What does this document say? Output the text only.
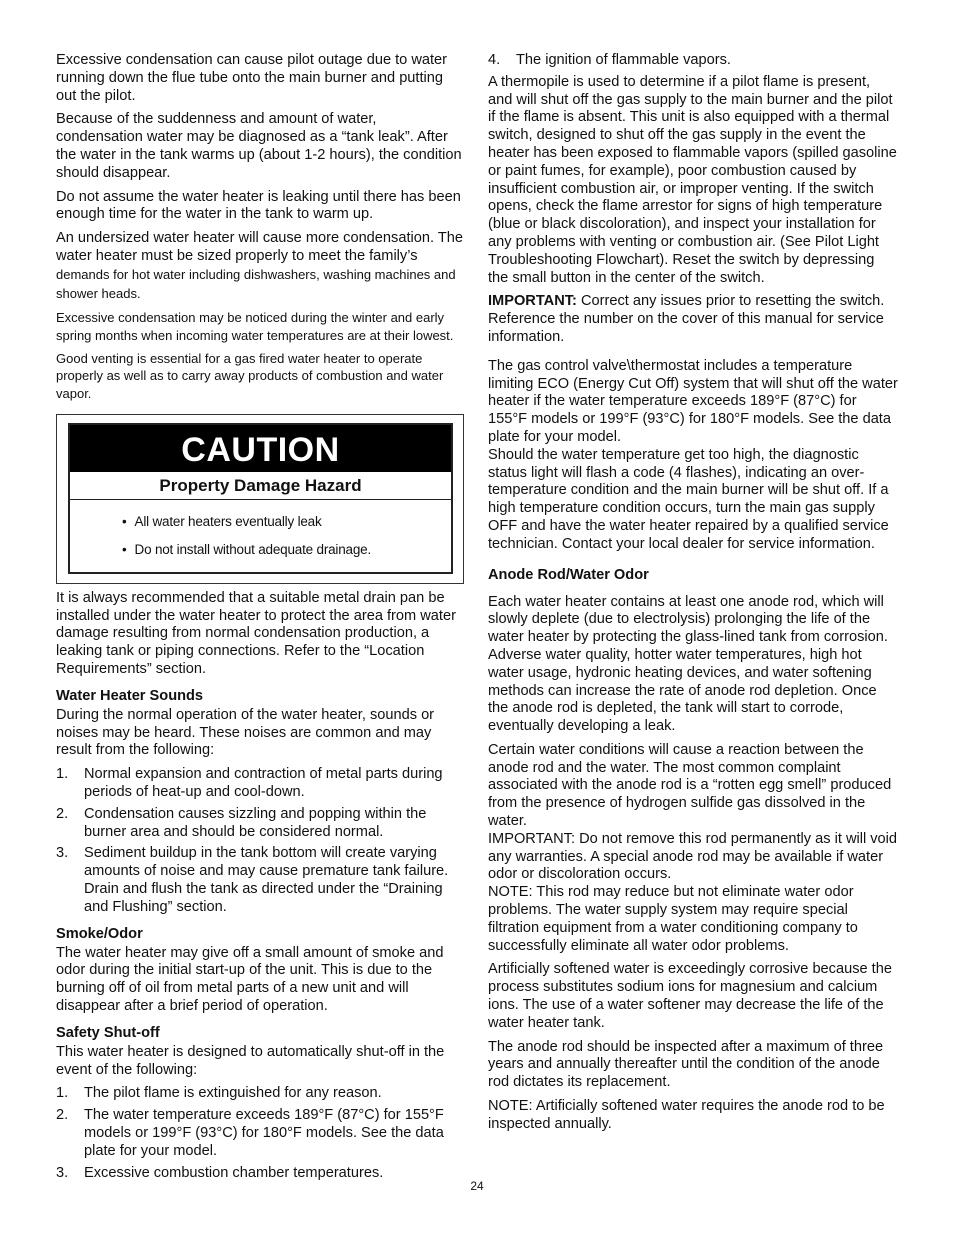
Excessive condensation can cause pilot outage due to water running down the flue tube onto the main burner and putting out the pilot.

Because of the suddenness and amount of water, condensation water may be diagnosed as a “tank leak”. After the water in the tank warms up (about 1-2 hours), the condition should disappear.

Do not assume the water heater is leaking until there has been enough time for the water in the tank to warm up.

An undersized water heater will cause more condensation. The water heater must be sized properly to meet the family’s demands for hot water including dishwashers, washing machines and shower heads.

Excessive condensation may be noticed during the winter and early spring months when incoming water temperatures are at their lowest.

Good venting is essential for a gas fired water heater to operate properly as well as to carry away products of combustion and water vapor.

CAUTION
Property Damage Hazard
• All water heaters eventually leak
• Do not install without adequate drainage.

It is always recommended that a suitable metal drain pan be installed under the water heater to protect the area from water damage resulting from normal condensation production, a leaking tank or piping connections. Refer to the “Location Requirements” section.

Water Heater Sounds

During the normal operation of the water heater, sounds or noises may be heard. These noises are common and may result from the following:

1. Normal expansion and contraction of metal parts during periods of heat-up and cool-down.
2. Condensation causes sizzling and popping within the burner area and should be considered normal.
3. Sediment buildup in the tank bottom will create varying amounts of noise and may cause premature tank failure. Drain and flush the tank as directed under the “Draining and Flushing” section.
Smoke/Odor

The water heater may give off a small amount of smoke and odor during the initial start-up of the unit. This is due to the burning off of oil from metal parts of a new unit and will disappear after a brief period of operation.

Safety Shut-off

This water heater is designed to automatically shut-off in the event of the following:

1. The pilot flame is extinguished for any reason.
2. The water temperature exceeds 189°F (87°C) for 155°F models or 199°F (93°C) for 180°F models. See the data plate for your model.
3. Excessive combustion chamber temperatures.
4. The ignition of flammable vapors.

A thermopile is used to determine if a pilot flame is present, and will shut off the gas supply to the main burner and the pilot if the flame is absent. This unit is also equipped with a thermal switch, designed to shut off the gas supply in the event the heater has been exposed to flammable vapors (spilled gasoline or paint fumes, for example), poor combustion caused by insufficient combustion air, or improper venting. If the switch opens, check the flame arrestor for signs of high temperature (blue or black discoloration), and inspect your installation for any problems with venting or combustion air. (See Pilot Light Troubleshooting Flowchart). Reset the switch by depressing the small button in the center of the switch.

IMPORTANT: Correct any issues prior to resetting the switch. Reference the number on the cover of this manual for service information.

The gas control valve\thermostat includes a temperature limiting ECO (Energy Cut Off) system that will shut off the water heater if the water temperature exceeds 189°F (87°C) for 155°F models or 199°F (93°C) for 180°F models. See the data plate for your model.

Should the water temperature get too high, the diagnostic status light will flash a code (4 flashes), indicating an over-temperature condition and the main burner will be shut off. If a high temperature condition occurs, turn the main gas supply OFF and have the water heater repaired by a qualified service technician. Contact your local dealer for service information.

Anode Rod/Water Odor

Each water heater contains at least one anode rod, which will slowly deplete (due to electrolysis) prolonging the life of the water heater by protecting the glass-lined tank from corrosion. Adverse water quality, hotter water temperatures, high hot water usage, hydronic heating devices, and water softening methods can increase the rate of anode rod depletion. Once the anode rod is depleted, the tank will start to corrode, eventually developing a leak.

Certain water conditions will cause a reaction between the anode rod and the water. The most common complaint associated with the anode rod is a “rotten egg smell” produced from the presence of hydrogen sulfide gas dissolved in the water.

IMPORTANT: Do not remove this rod permanently as it will void any warranties. A special anode rod may be available if water odor or discoloration occurs.

NOTE: This rod may reduce but not eliminate water odor problems. The water supply system may require special filtration equipment from a water conditioning company to successfully eliminate all water odor problems.

Artificially softened water is exceedingly corrosive because the process substitutes sodium ions for magnesium and calcium ions. The use of a water softener may decrease the life of the water heater tank.

The anode rod should be inspected after a maximum of three years and annually thereafter until the condition of the anode rod dictates its replacement.

NOTE: Artificially softened water requires the anode rod to be inspected annually.

24
